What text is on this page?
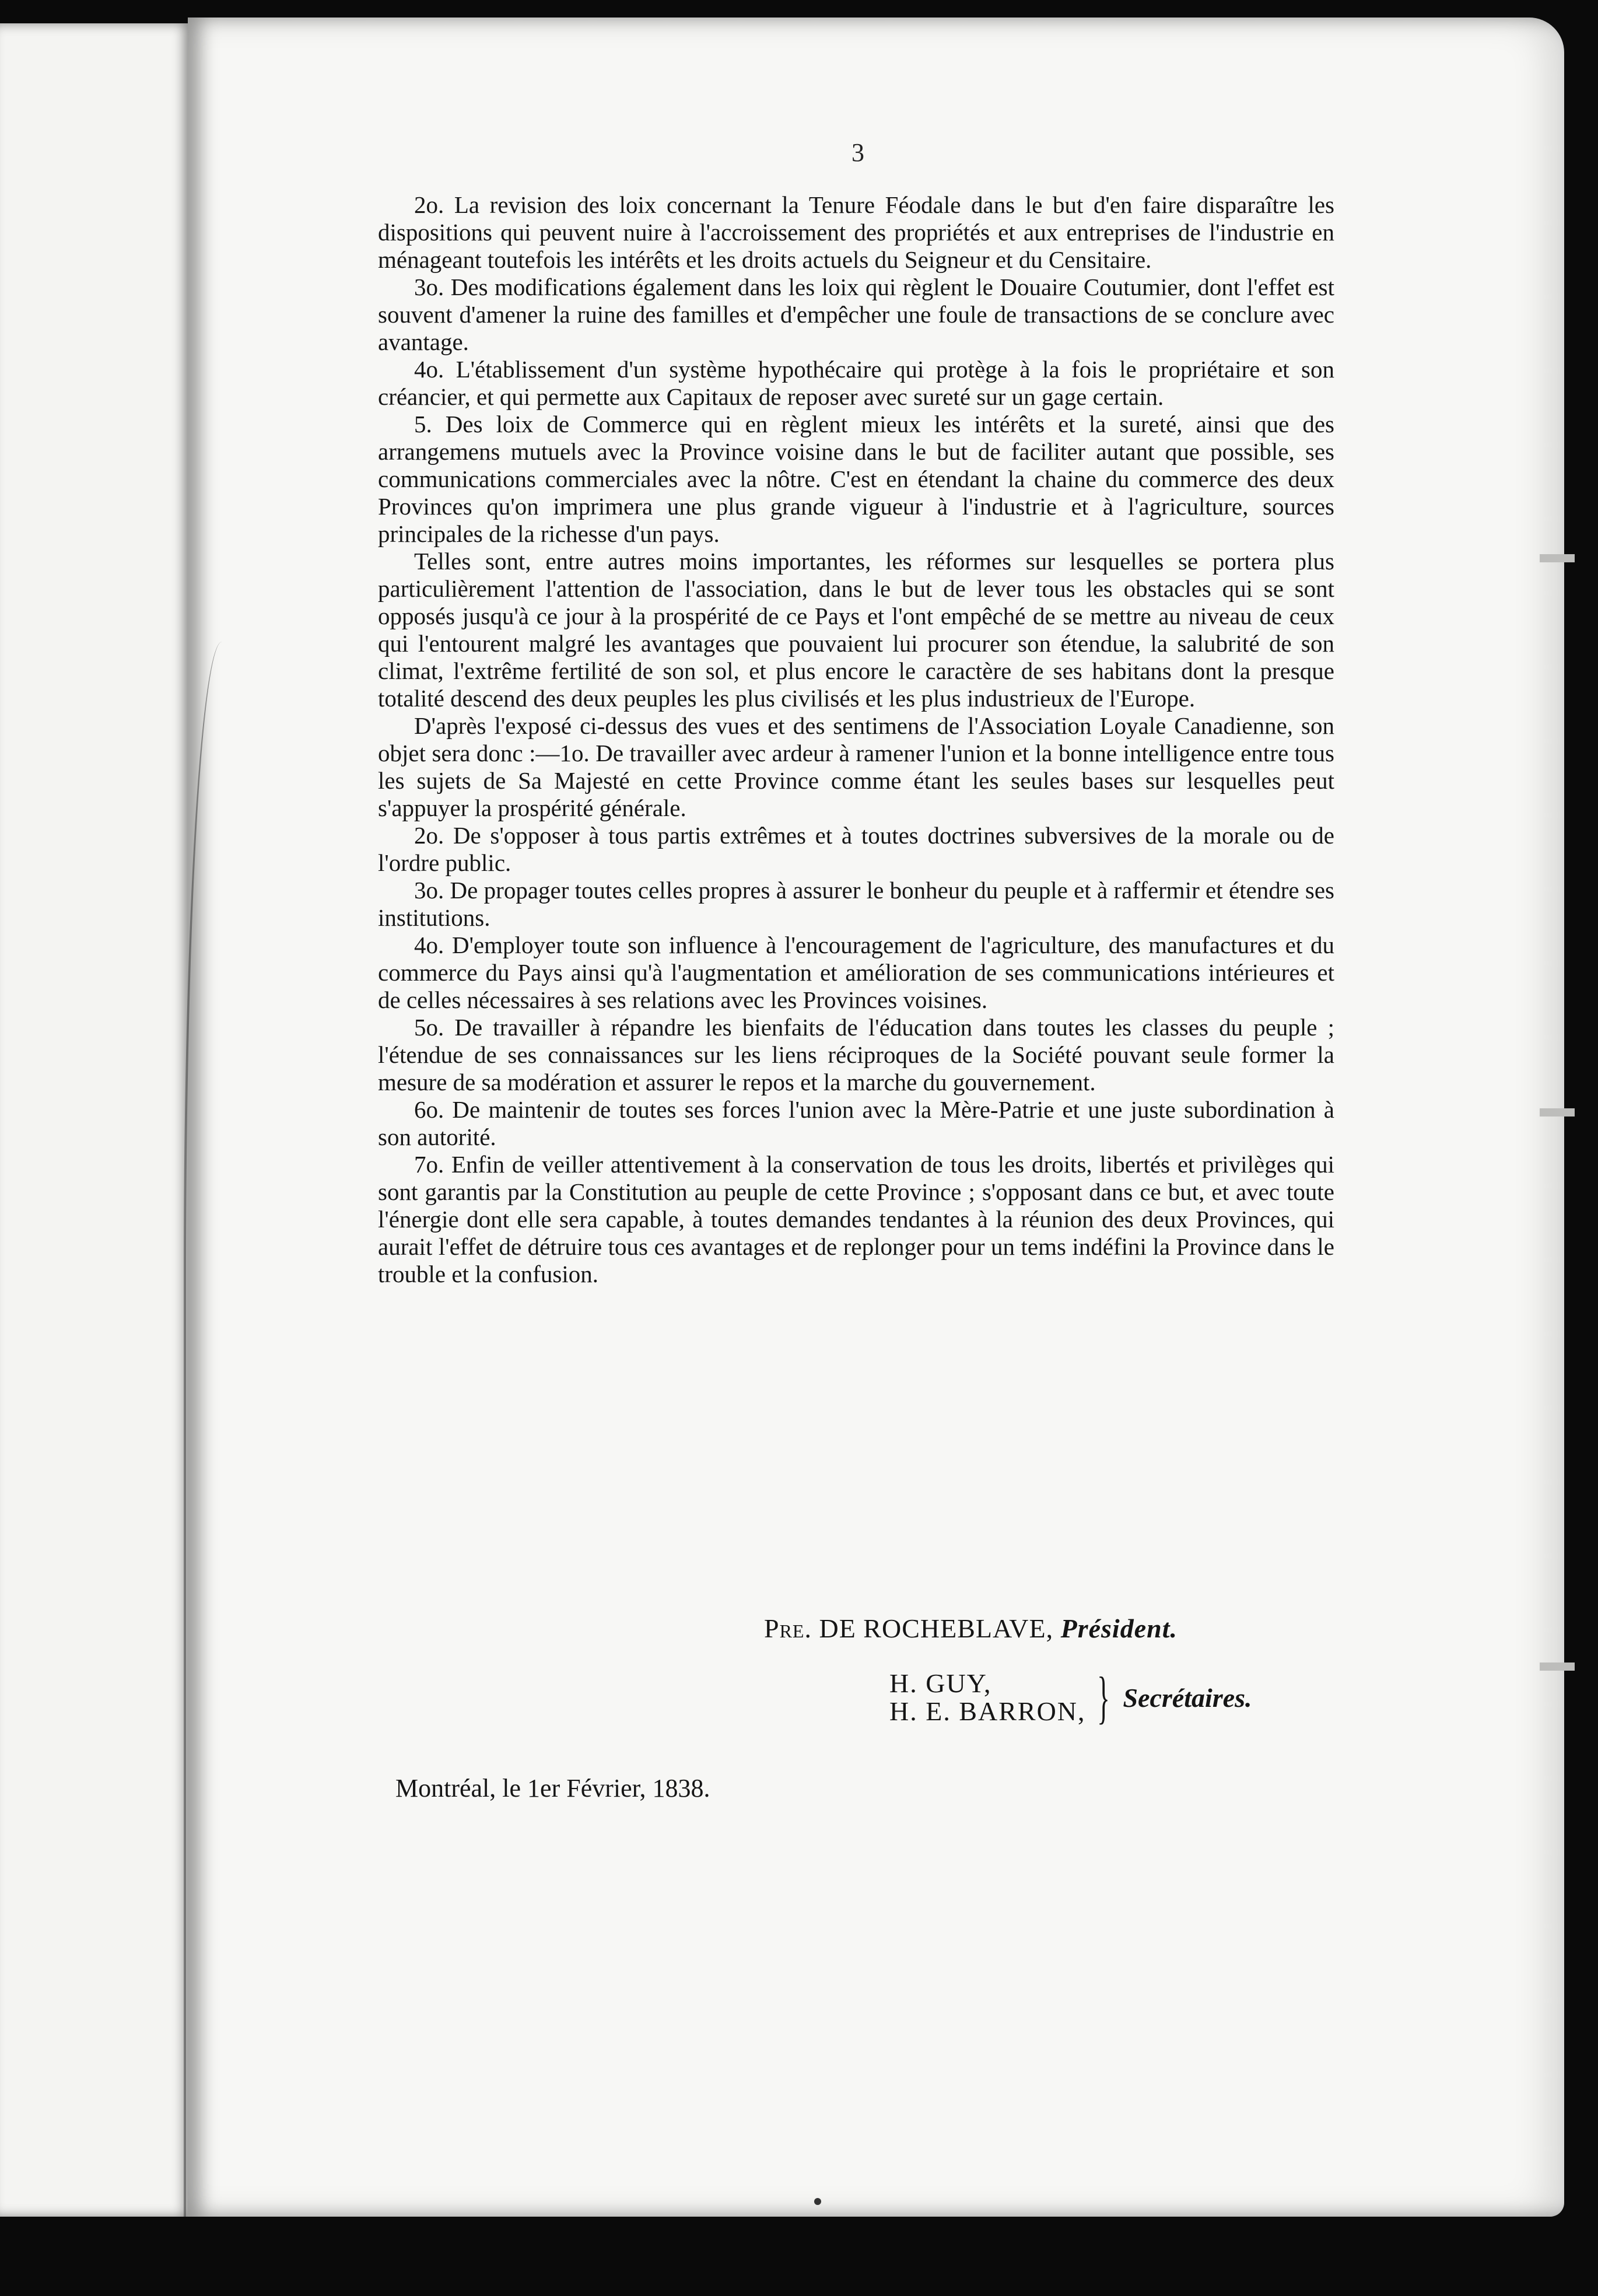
3

2o. La revision des loix concernant la Tenure Féodale dans le but d'en faire disparaître les dispositions qui peuvent nuire à l'accroissement des propriétés et aux entreprises de l'industrie en ménageant toutefois les intérêts et les droits actuels du Seigneur et du Censitaire.

3o. Des modifications également dans les loix qui règlent le Douaire Coutumier, dont l'effet est souvent d'amener la ruine des familles et d'empêcher une foule de transactions de se conclure avec avantage.

4o. L'établissement d'un système hypothécaire qui protège à la fois le propriétaire et son créancier, et qui permette aux Capitaux de reposer avec sureté sur un gage certain.

5. Des loix de Commerce qui en règlent mieux les intérêts et la sureté, ainsi que des arrangemens mutuels avec la Province voisine dans le but de faciliter autant que possible, ses communications commerciales avec la nôtre. C'est en étendant la chaine du commerce des deux Provinces qu'on imprimera une plus grande vigueur à l'industrie et à l'agriculture, sources principales de la richesse d'un pays.

Telles sont, entre autres moins importantes, les réformes sur lesquelles se portera plus particulièrement l'attention de l'association, dans le but de lever tous les obstacles qui se sont opposés jusqu'à ce jour à la prospérité de ce Pays et l'ont empêché de se mettre au niveau de ceux qui l'entourent malgré les avantages que pouvaient lui procurer son étendue, la salubrité de son climat, l'extrême fertilité de son sol, et plus encore le caractère de ses habitans dont la presque totalité descend des deux peuples les plus civilisés et les plus industrieux de l'Europe.

D'après l'exposé ci-dessus des vues et des sentimens de l'Association Loyale Canadienne, son objet sera donc :—1o. De travailler avec ardeur à ramener l'union et la bonne intelligence entre tous les sujets de Sa Majesté en cette Province comme étant les seules bases sur lesquelles peut s'appuyer la prospérité générale.

2o. De s'opposer à tous partis extrêmes et à toutes doctrines subversives de la morale ou de l'ordre public.

3o. De propager toutes celles propres à assurer le bonheur du peuple et à raffermir et étendre ses institutions.

4o. D'employer toute son influence à l'encouragement de l'agriculture, des manufactures et du commerce du Pays ainsi qu'à l'augmentation et amélioration de ses communications intérieures et de celles nécessaires à ses relations avec les Provinces voisines.

5o. De travailler à répandre les bienfaits de l'éducation dans toutes les classes du peuple ; l'étendue de ses connaissances sur les liens réciproques de la Société pouvant seule former la mesure de sa modération et assurer le repos et la marche du gouvernement.

6o. De maintenir de toutes ses forces l'union avec la Mère-Patrie et une juste subordination à son autorité.

7o. Enfin de veiller attentivement à la conservation de tous les droits, libertés et privilèges qui sont garantis par la Constitution au peuple de cette Province ; s'opposant dans ce but, et avec toute l'énergie dont elle sera capable, à toutes demandes tendantes à la réunion des deux Provinces, qui aurait l'effet de détruire tous ces avantages et de replonger pour un tems indéfini la Province dans le trouble et la confusion.

Pre. DE ROCHEBLAVE, Président.
H. GUY,
H. E. BARRON, } Secrétaires.
Montréal, le 1er Février, 1838.
